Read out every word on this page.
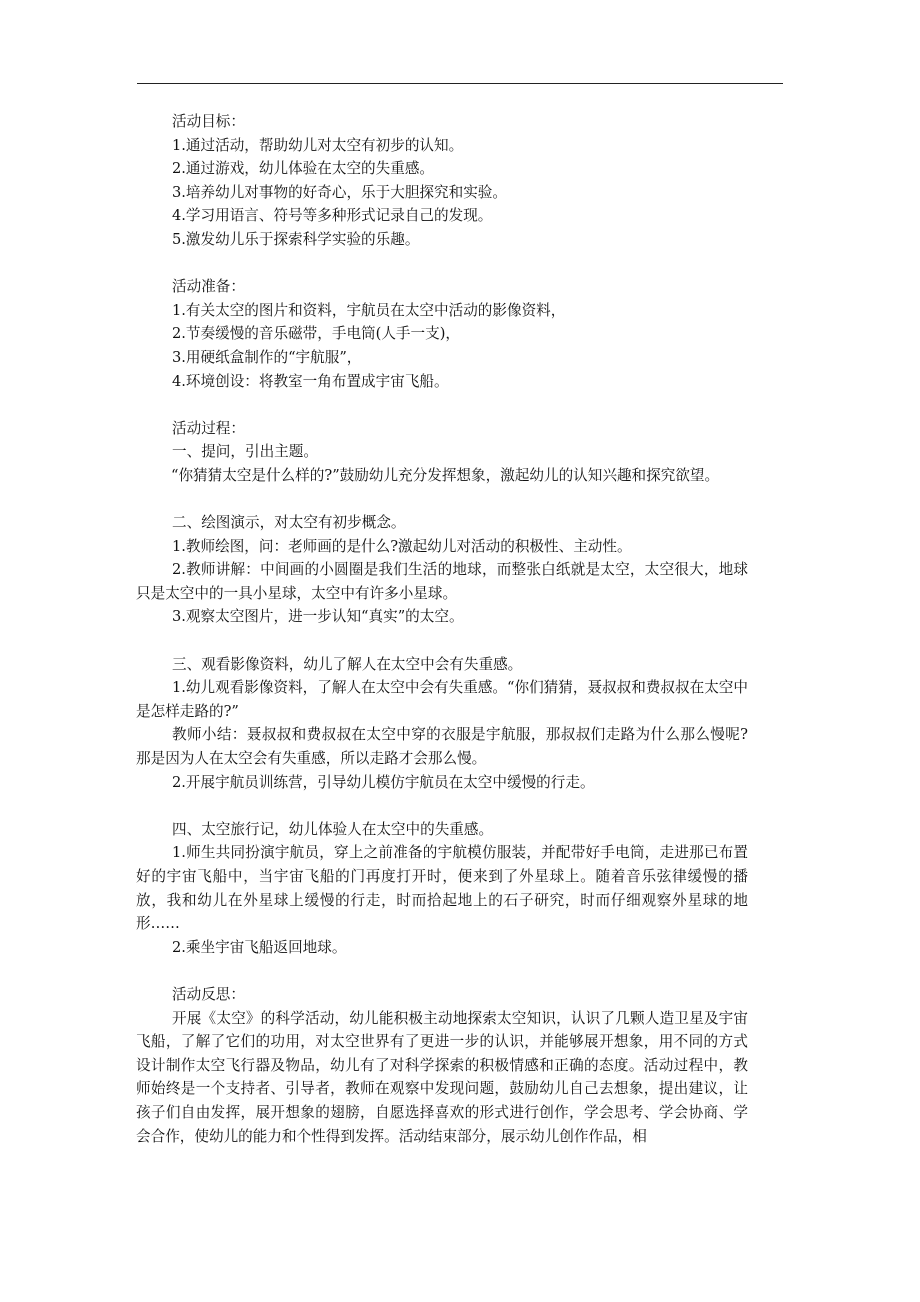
活动目标：
1.通过活动，帮助幼儿对太空有初步的认知。
2.通过游戏，幼儿体验在太空的失重感。
3.培养幼儿对事物的好奇心，乐于大胆探究和实验。
4.学习用语言、符号等多种形式记录自己的发现。
5.激发幼儿乐于探索科学实验的乐趣。
活动准备：
1.有关太空的图片和资料，宇航员在太空中活动的影像资料，
2.节奏缓慢的音乐磁带，手电筒(人手一支)，
3.用硬纸盒制作的“宇航服”，
4.环境创设：将教室一角布置成宇宙飞船。
活动过程：
一、提问，引出主题。
“你猜猜太空是什么样的?”鼓励幼儿充分发挥想象，激起幼儿的认知兴趣和探究欲望。
二、绘图演示，对太空有初步概念。
1.教师绘图，问：老师画的是什么?激起幼儿对活动的积极性、主动性。
2.教师讲解：中间画的小圆圈是我们生活的地球，而整张白纸就是太空，太空很大，地球只是太空中的一具小星球，太空中有许多小星球。
3.观察太空图片，进一步认知“真实”的太空。
三、观看影像资料，幼儿了解人在太空中会有失重感。
1.幼儿观看影像资料，了解人在太空中会有失重感。“你们猜猜，聂叔叔和费叔叔在太空中是怎样走路的?”
教师小结：聂叔叔和费叔叔在太空中穿的衣服是宇航服，那叔叔们走路为什么那么慢呢?那是因为人在太空会有失重感，所以走路才会那么慢。
2.开展宇航员训练营，引导幼儿模仿宇航员在太空中缓慢的行走。
四、太空旅行记，幼儿体验人在太空中的失重感。
1.师生共同扮演宇航员，穿上之前准备的宇航模仿服装，并配带好手电筒，走进那已布置好的宇宙飞船中，当宇宙飞船的门再度打开时，便来到了外星球上。随着音乐弦律缓慢的播放，我和幼儿在外星球上缓慢的行走，时而拾起地上的石子研究，时而仔细观察外星球的地形……
2.乘坐宇宙飞船返回地球。
活动反思：
开展《太空》的科学活动，幼儿能积极主动地探索太空知识，认识了几颗人造卫星及宇宙飞船，了解了它们的功用，对太空世界有了更进一步的认识，并能够展开想象，用不同的方式设计制作太空飞行器及物品，幼儿有了对科学探索的积极情感和正确的态度。活动过程中，教师始终是一个支持者、引导者，教师在观察中发现问题，鼓励幼儿自己去想象，提出建议，让孩子们自由发挥，展开想象的翅膀，自愿选择喜欢的形式进行创作，学会思考、学会协商、学会合作，使幼儿的能力和个性得到发挥。活动结束部分，展示幼儿创作作品，相
